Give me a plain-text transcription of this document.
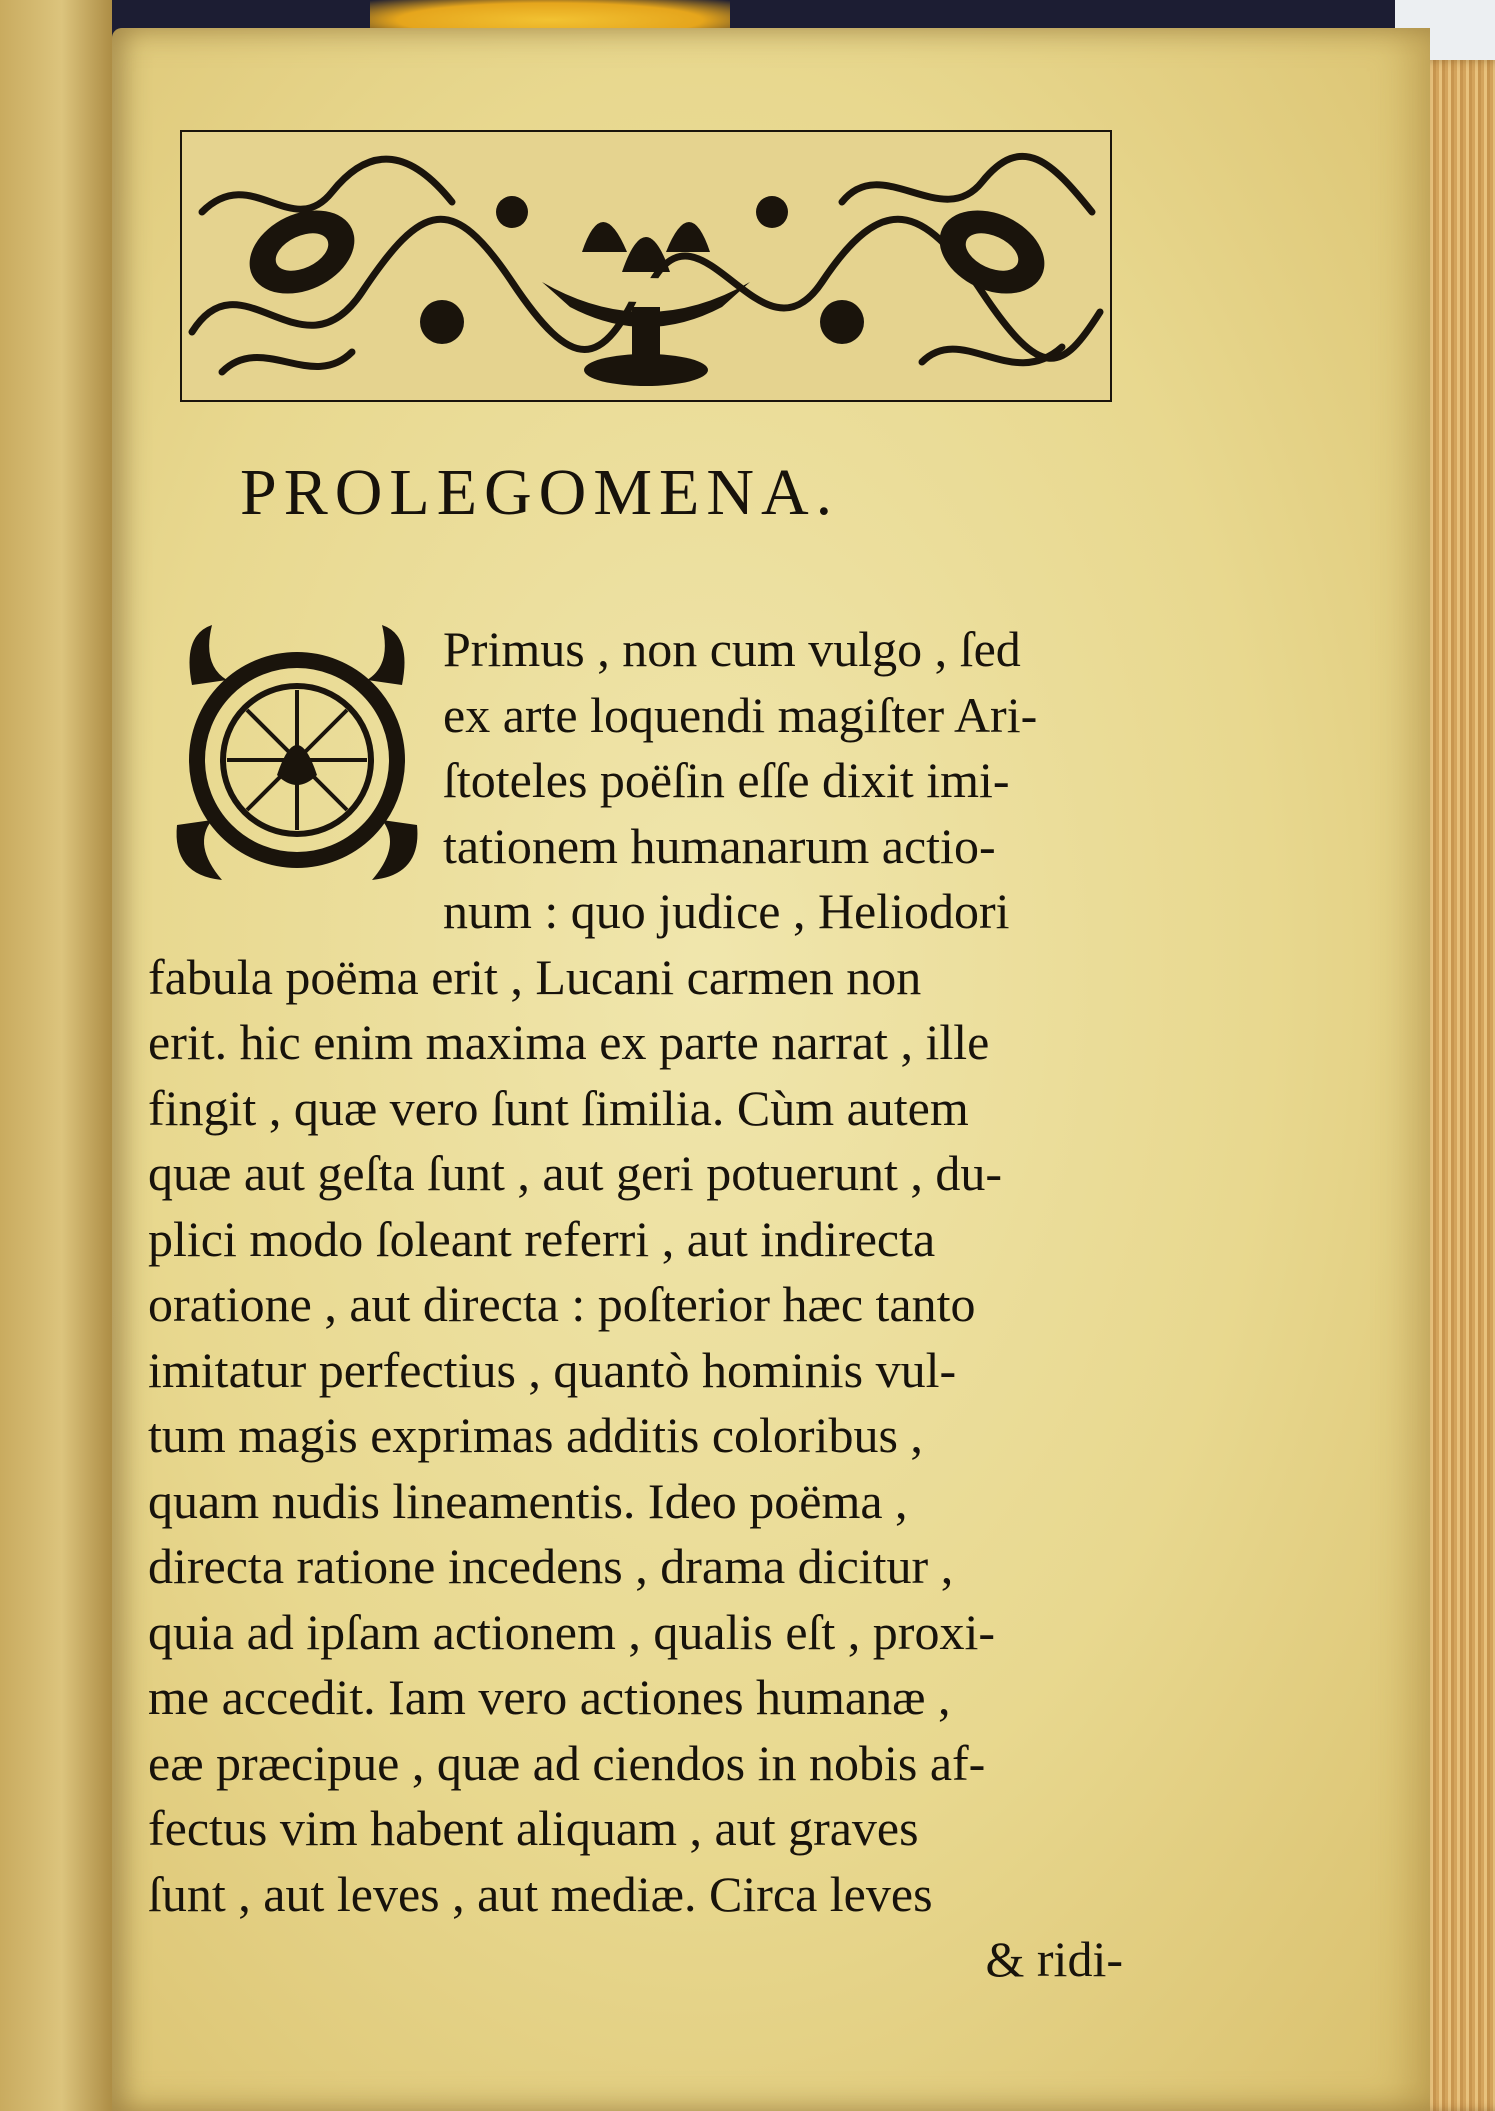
PROLEGOMENA.
Primus , non cum vulgo , ſed
ex arte loquendi magiſter Ari-
ſtoteles poëſin eſſe dixit imi-
tationem humanarum actio-
num : quo judice , Heliodori
fabula poëma erit , Lucani carmen non
erit. hic enim maxima ex parte narrat , ille
fingit , quæ vero ſunt ſimilia. Cùm autem
quæ aut geſta ſunt , aut geri potuerunt , du-
plici modo ſoleant referri , aut indirecta
oratione , aut directa : poſterior hæc tanto
imitatur perfectius , quantò hominis vul-
tum magis exprimas additis coloribus ,
quam nudis lineamentis. Ideo poëma ,
directa ratione incedens , drama dicitur ,
quia ad ipſam actionem , qualis eſt , proxi-
me accedit. Iam vero actiones humanæ ,
eæ præcipue , quæ ad ciendos in nobis af-
fectus vim habent aliquam , aut graves
ſunt , aut leves , aut mediæ. Circa leves
& ridi-
